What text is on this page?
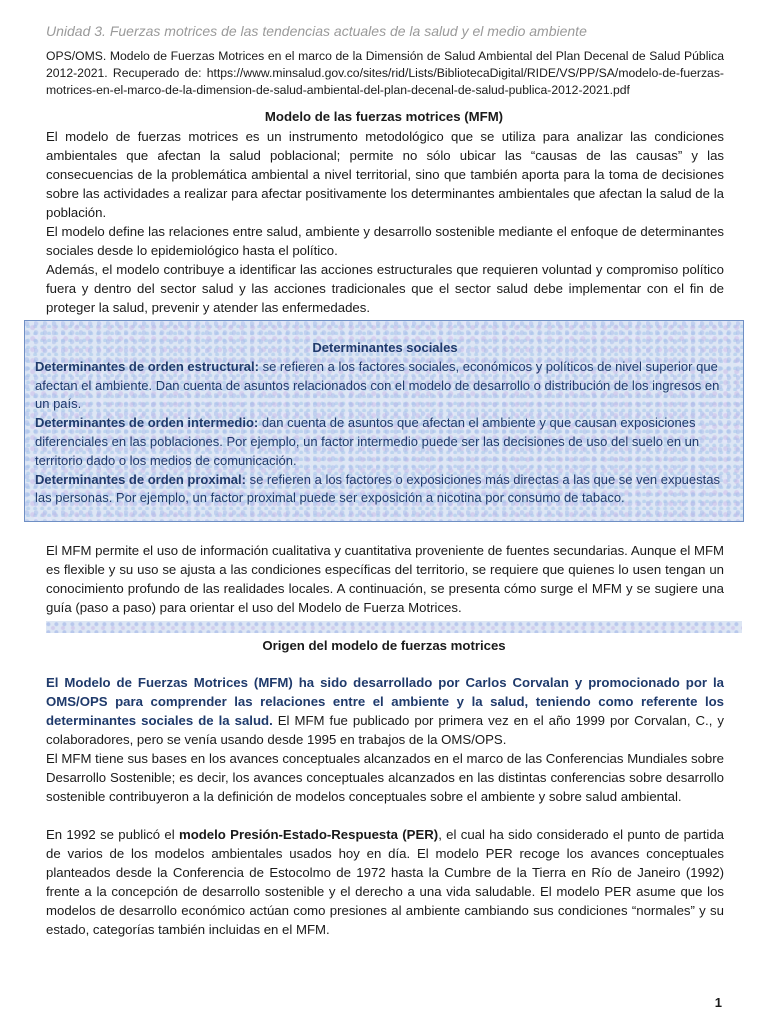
Unidad 3. Fuerzas motrices de las tendencias actuales de la salud y el medio ambiente

OPS/OMS. Modelo de Fuerzas Motrices en el marco de la Dimensión de Salud Ambiental del Plan Decenal de Salud Pública 2012-2021. Recuperado de: https://www.minsalud.gov.co/sites/rid/Lists/BibliotecaDigital/RIDE/VS/PP/SA/modelo-de-fuerzas-motrices-en-el-marco-de-la-dimension-de-salud-ambiental-del-plan-decenal-de-salud-publica-2012-2021.pdf

Modelo de las fuerzas motrices (MFM)

El modelo de fuerzas motrices es un instrumento metodológico que se utiliza para analizar las condiciones ambientales que afectan la salud poblacional; permite no sólo ubicar las “causas de las causas” y las consecuencias de la problemática ambiental a nivel territorial, sino que también aporta para la toma de decisiones sobre las actividades a realizar para afectar positivamente los determinantes ambientales que afectan la salud de la población.

El modelo define las relaciones entre salud, ambiente y desarrollo sostenible mediante el enfoque de determinantes sociales desde lo epidemiológico hasta el político.

Además, el modelo contribuye a identificar las acciones estructurales que requieren voluntad y compromiso político fuera y dentro del sector salud y las acciones tradicionales que el sector salud debe implementar con el fin de proteger la salud, prevenir y atender las enfermedades.

Determinantes sociales

Determinantes de orden estructural: se refieren a los factores sociales, económicos y políticos de nivel superior que afectan el ambiente. Dan cuenta de asuntos relacionados con el modelo de desarrollo o distribución de los ingresos en un país.

Determinantes de orden intermedio: dan cuenta de asuntos que afectan el ambiente y que causan exposiciones diferenciales en las poblaciones. Por ejemplo, un factor intermedio puede ser las decisiones de uso del suelo en un territorio dado o los medios de comunicación.

Determinantes de orden proximal: se refieren a los factores o exposiciones más directas a las que se ven expuestas las personas. Por ejemplo, un factor proximal puede ser exposición a nicotina por consumo de tabaco.

El MFM permite el uso de información cualitativa y cuantitativa proveniente de fuentes secundarias. Aunque el MFM es flexible y su uso se ajusta a las condiciones específicas del territorio, se requiere que quienes lo usen tengan un conocimiento profundo de las realidades locales. A continuación, se presenta cómo surge el MFM y se sugiere una guía (paso a paso) para orientar el uso del Modelo de Fuerza Motrices.

Origen del modelo de fuerzas motrices

El Modelo de Fuerzas Motrices (MFM) ha sido desarrollado por Carlos Corvalan y promocionado por la OMS/OPS para comprender las relaciones entre el ambiente y la salud, teniendo como referente los determinantes sociales de la salud. El MFM fue publicado por primera vez en el año 1999 por Corvalan, C., y colaboradores, pero se venía usando desde 1995 en trabajos de la OMS/OPS.

El MFM tiene sus bases en los avances conceptuales alcanzados en el marco de las Conferencias Mundiales sobre Desarrollo Sostenible; es decir, los avances conceptuales alcanzados en las distintas conferencias sobre desarrollo sostenible contribuyeron a la definición de modelos conceptuales sobre el ambiente y sobre salud ambiental.

En 1992 se publicó el modelo Presión-Estado-Respuesta (PER), el cual ha sido considerado el punto de partida de varios de los modelos ambientales usados hoy en día. El modelo PER recoge los avances conceptuales planteados desde la Conferencia de Estocolmo de 1972 hasta la Cumbre de la Tierra en Río de Janeiro (1992) frente a la concepción de desarrollo sostenible y el derecho a una vida saludable. El modelo PER asume que los modelos de desarrollo económico actúan como presiones al ambiente cambiando sus condiciones “normales” y su estado, categorías también incluidas en el MFM.

1
